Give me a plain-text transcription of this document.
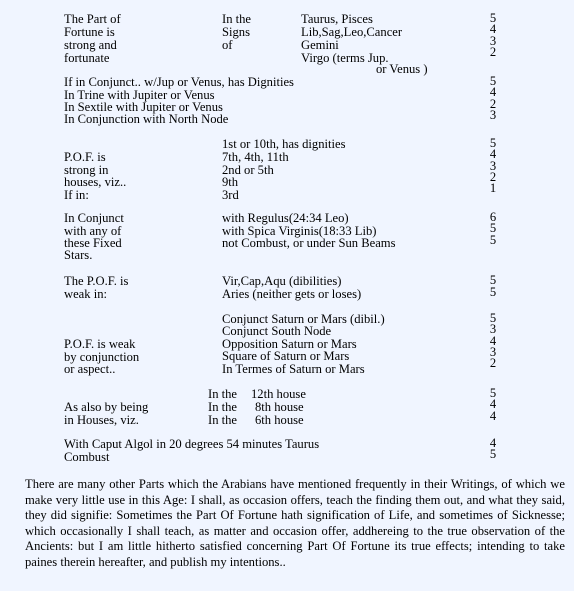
The Part of
Fortune is
strong and
fortunate
In the
Signs
of
Taurus, Pisces
Lib,Sag,Leo,Cancer
Gemini
Virgo (terms Jup.
or Venus )
5
4
3
2
If in Conjunct.. w/Jup or Venus, has Dignities
In Trine with Jupiter or Venus
In Sextile with Jupiter or Venus
In Conjunction with North Node
5
4
2
3
P.O.F. is
strong in
houses, viz..
If in:
1st or 10th, has dignities
7th, 4th, 11th
2nd or 5th
9th
3rd
5
4
3
2
1
In Conjunct
with any of
these Fixed
Stars.
with Regulus(24:34 Leo)
with Spica Virginis(18:33 Lib)
not Combust, or under Sun Beams
6
5
5
The P.O.F. is
weak in:
Vir,Cap,Aqu (dibilities)
Aries (neither gets or loses)
5
5
P.O.F. is weak
by conjunction
or aspect..
Conjunct Saturn or Mars (dibil.)
Conjunct South Node
Opposition Saturn or Mars
Square of Saturn or Mars
In Termes of Saturn or Mars
5
3
4
3
2
As also by being
in Houses, viz.
In the
In the
In the
12th house
8th house
6th house
5
4
4
With Caput Algol in 20 degrees 54 minutes Taurus
Combust
4
5
There are many other Parts which the Arabians have mentioned frequently in their Writings, of which we make very little use in this Age: I shall, as occasion offers, teach the finding them out, and what they said, they did signifie: Sometimes the Part Of Fortune hath signification of Life, and sometimes of Sicknesse; which occasionally I shall teach, as matter and occasion offer, addhereing to the true observation of the Ancients: but I am little hitherto satisfied concerning Part Of Fortune its true effects; intending to take paines therein hereafter, and publish my intentions..
